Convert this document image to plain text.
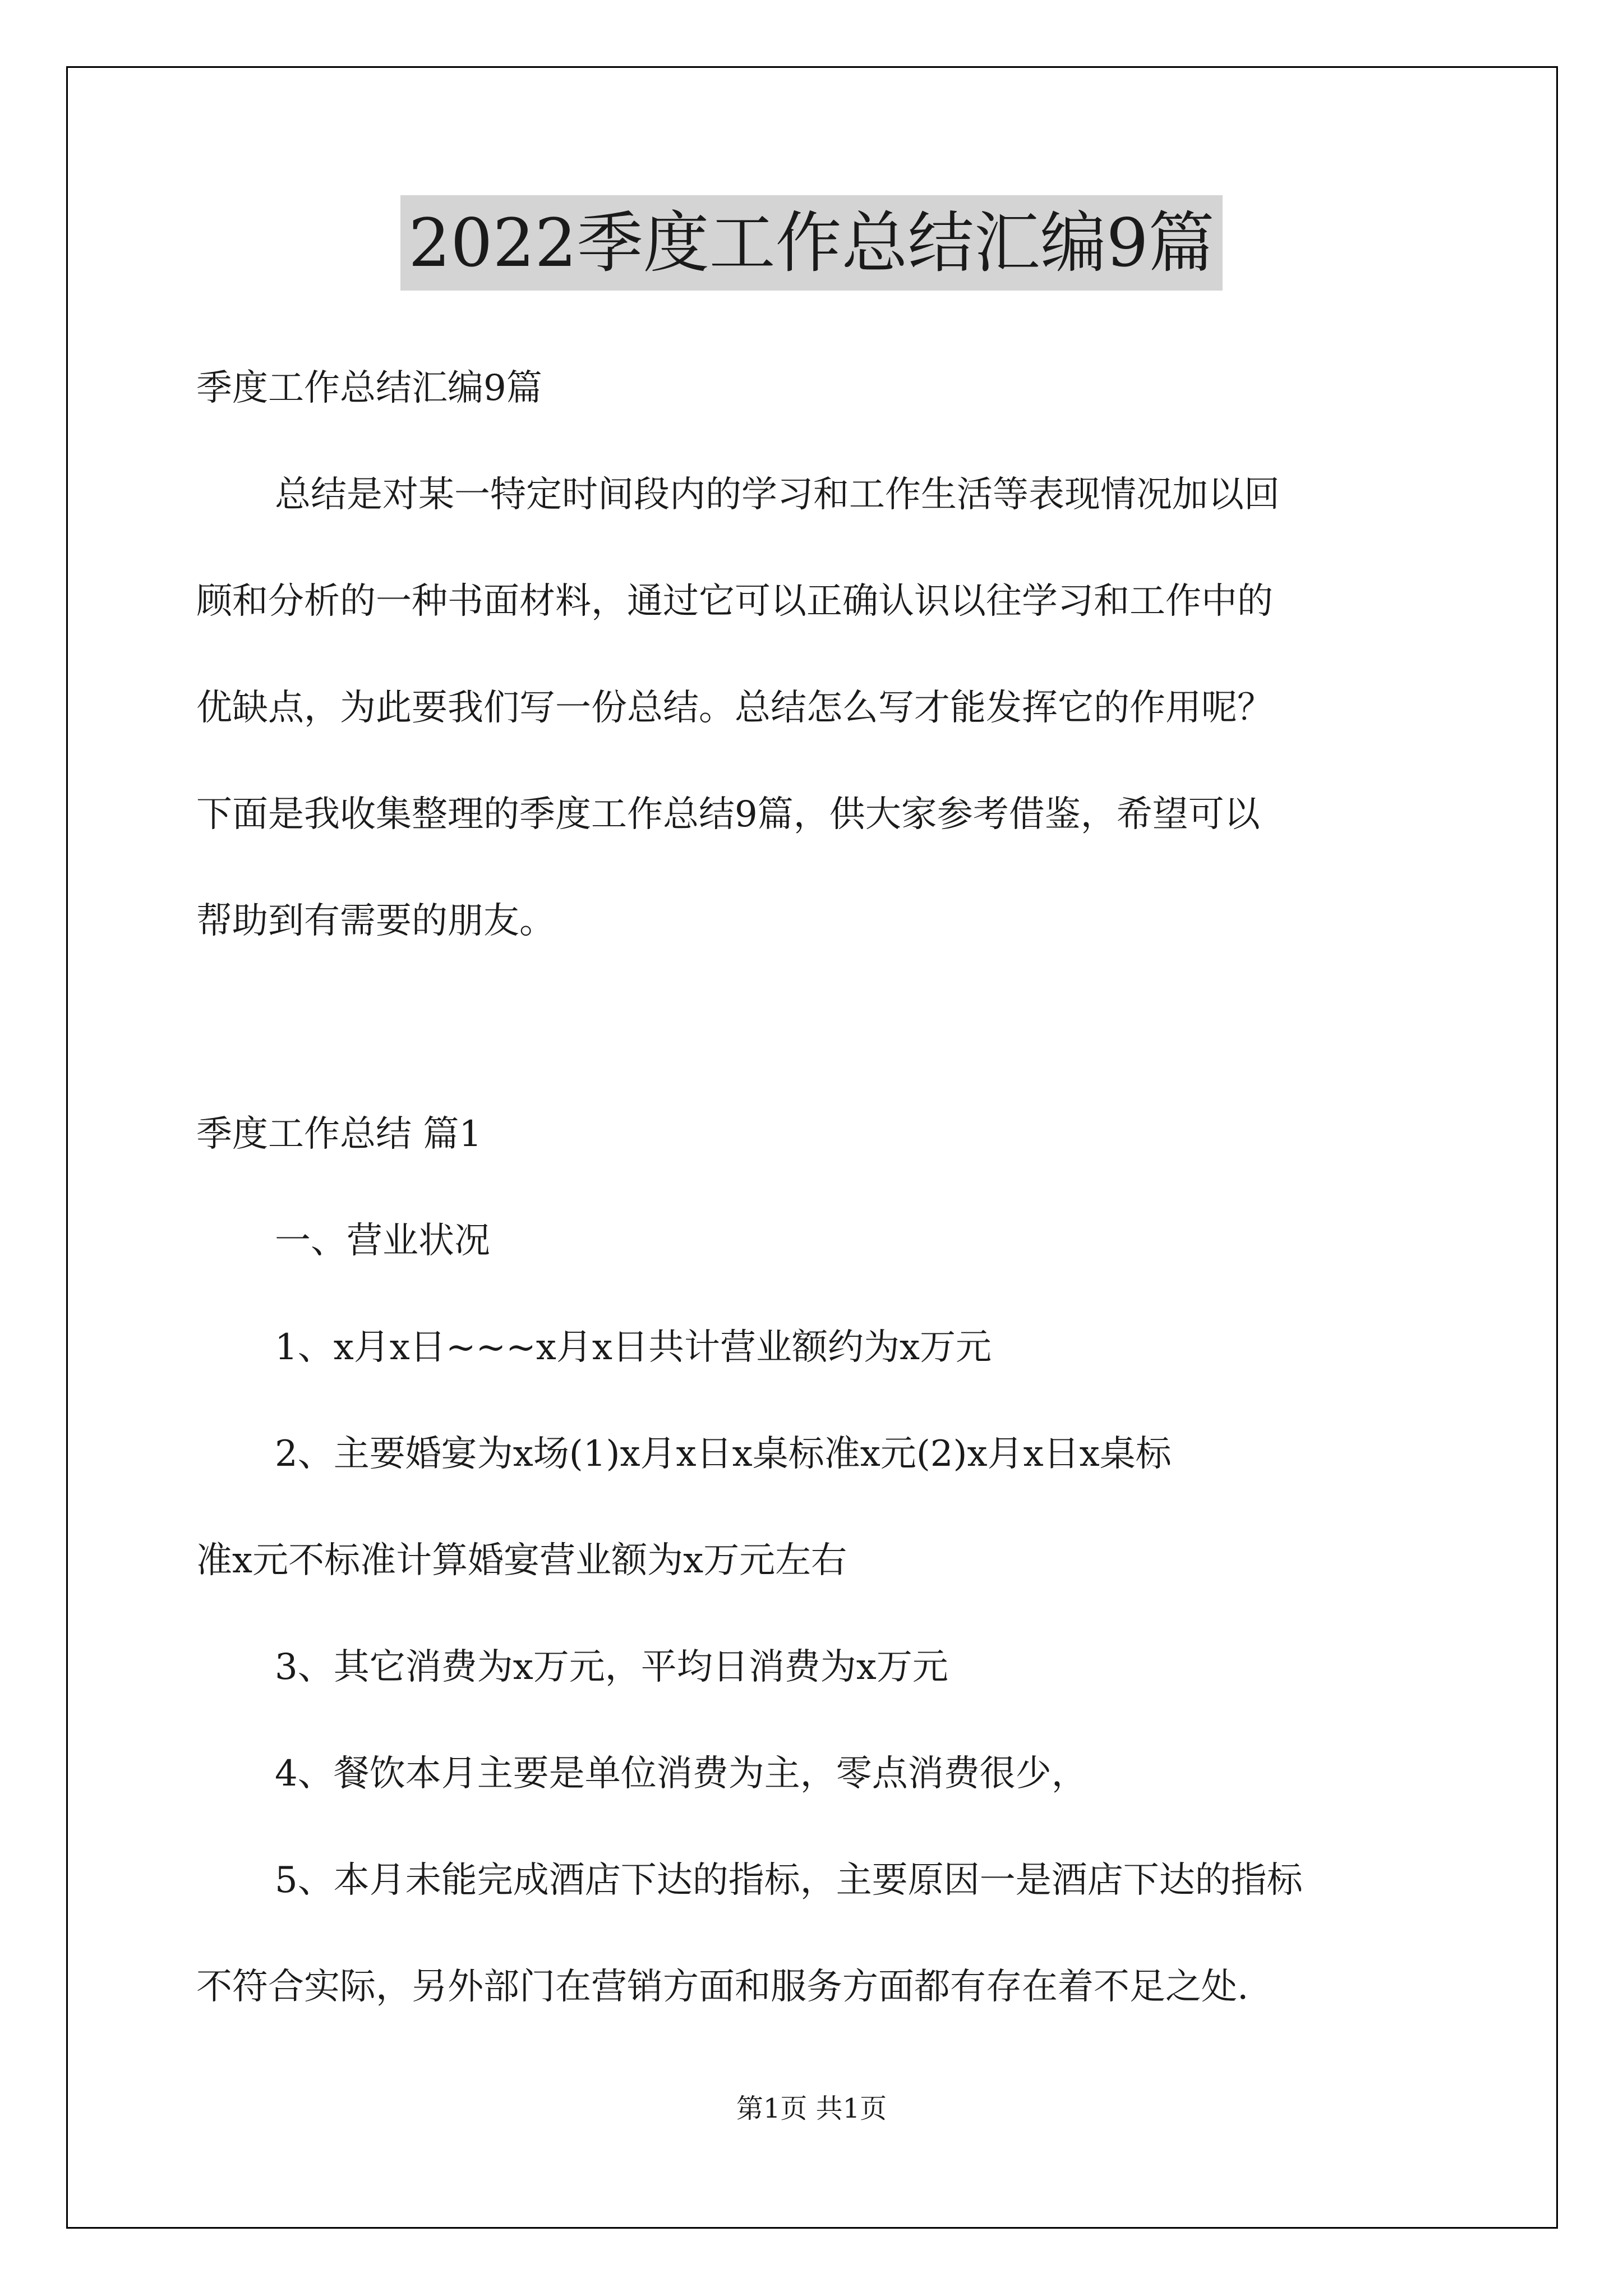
2022季度工作总结汇编9篇
季度工作总结汇编9篇
总结是对某一特定时间段内的学习和工作生活等表现情况加以回
顾和分析的一种书面材料，通过它可以正确认识以往学习和工作中的
优缺点，为此要我们写一份总结。总结怎么写才能发挥它的作用呢？
下面是我收集整理的季度工作总结9篇，供大家参考借鉴，希望可以
帮助到有需要的朋友。
季度工作总结 篇1
一、营业状况
1、x月x日~~~x月x日共计营业额约为x万元
2、主要婚宴为x场(1)x月x日x桌标准x元(2)x月x日x桌标
准x元不标准计算婚宴营业额为x万元左右
3、其它消费为x万元，平均日消费为x万元
4、餐饮本月主要是单位消费为主，零点消费很少，
5、本月未能完成酒店下达的指标，主要原因一是酒店下达的指标
不符合实际，另外部门在营销方面和服务方面都有存在着不足之处.
第1页 共1页
